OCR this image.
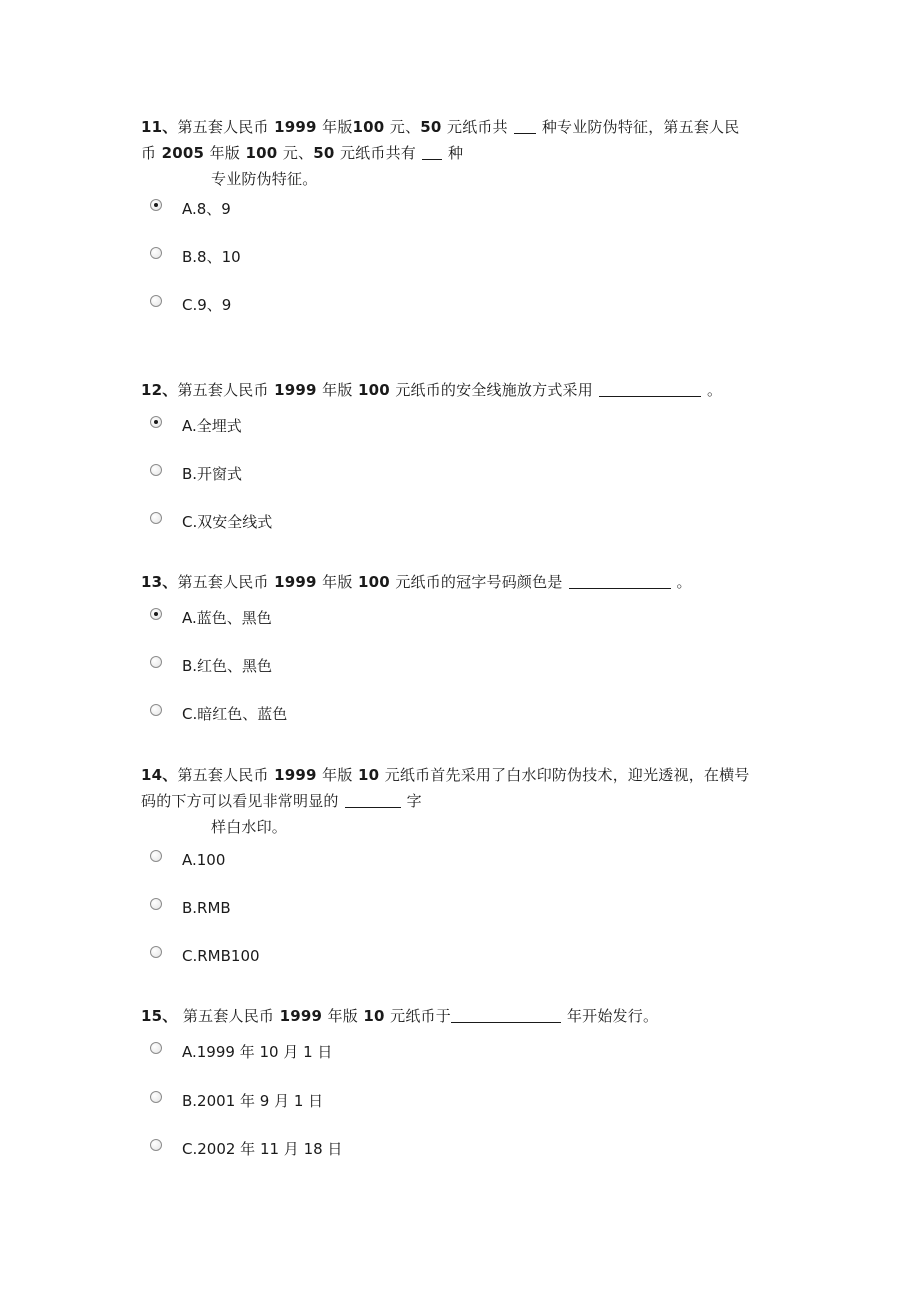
11、第五套人民币 1999 年版100 元、50 元纸币共 种专业防伪特征，第五套人民
币 2005 年版 100 元、50 元纸币共有 种
专业防伪特征。
A.8、9
B.8、10
C.9、9
12、第五套人民币 1999 年版 100 元纸币的安全线施放方式采用	。
A.全埋式
B.开窗式
C.双安全线式
13、第五套人民币 1999 年版 100 元纸币的冠字号码颜色是	。
A.蓝色、黑色
B.红色、黑色
C.暗红色、蓝色
14、第五套人民币 1999 年版 10 元纸币首先采用了白水印防伪技术，迎光透视，在横号
码的下方可以看见非常明显的	字
样白水印。
A.100
B.RMB
C.RMB100
15、 第五套人民币 1999 年版 10 元纸币于	年开始发行。
A.1999 年 10 月 1 日
B.2001 年 9 月 1 日
C.2002 年 11 月 18 日
